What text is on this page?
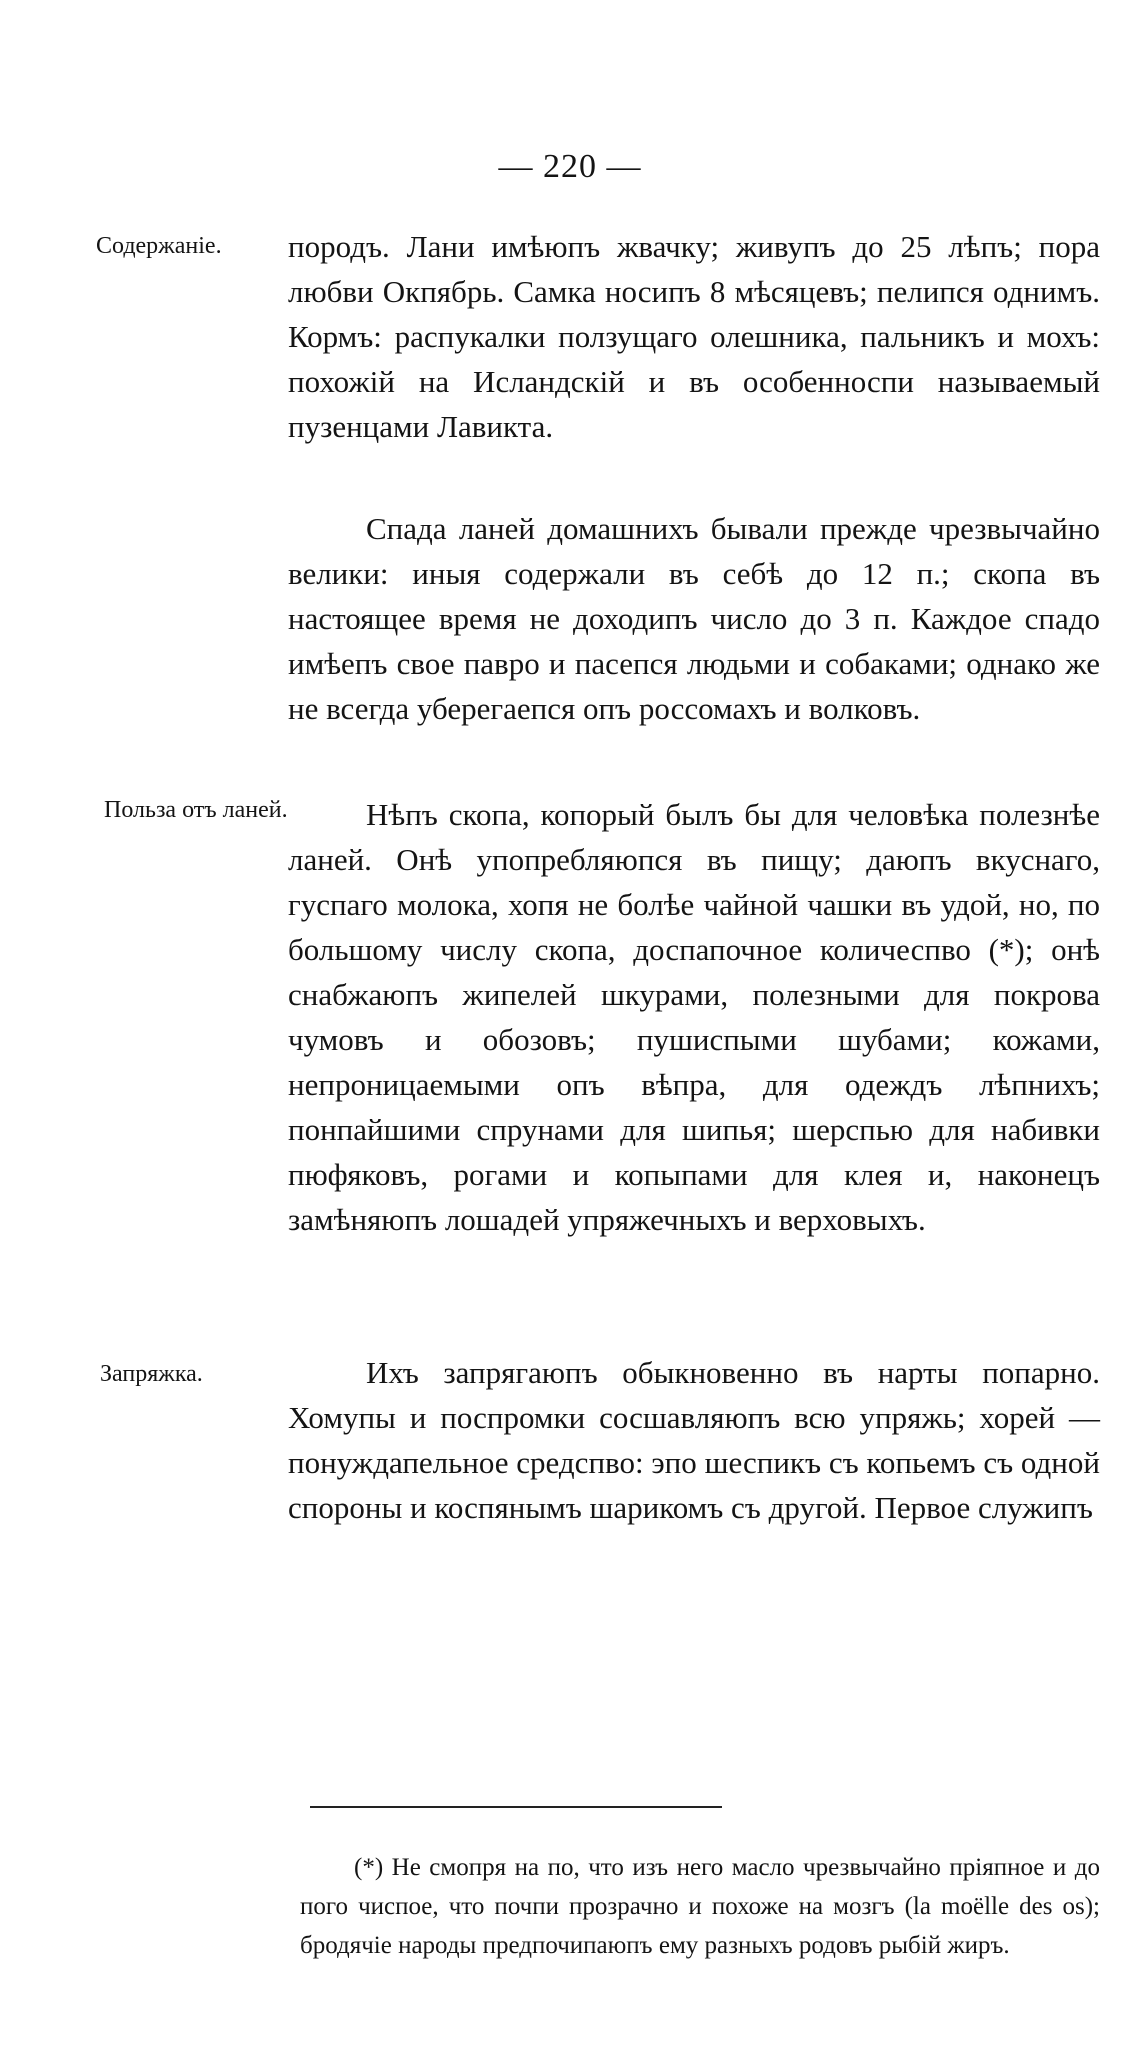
— 220 —
Содержаніе.
Польза отъ ланей.
Запряжка.

породъ. Лани имѣюпъ жвачку; живупъ до 25 лѣпъ; пора любви Окпябрь. Самка носипъ 8 мѣсяцевъ; пелипся однимъ. Кормъ: распукалки ползущаго олешника, пальникъ и мохъ: похожій на Исландскій и въ особенноспи называемый пузенцами Лавикта.

Спада ланей домашнихъ бывали прежде чрезвычайно велики: иныя содержали въ себѣ до 12 п.; скопа въ настоящее время не доходипъ число до 3 п. Каждое спадо имѣепъ свое павро и пасепся людьми и собаками; однако же не всегда уберегаепся опъ россомахъ и волковъ.

Нѣпъ скопа, копорый былъ бы для человѣка полезнѣе ланей. Онѣ упопребляюпся въ пищу; даюпъ вкуснаго, гуспаго молока, хопя не болѣе чайной чашки въ удой, но, по большому числу скопа, доспапочное количеспво (*); онѣ снабжаюпъ жипелей шкурами, полезными для покрова чумовъ и обозовъ; пушиспыми шубами; кожами, непроницаемыми опъ вѣпра, для одеждъ лѣпнихъ; понпайшими спрунами для шипья; шерспью для набивки пюфяковъ, рогами и копыпами для клея и, наконецъ замѣняюпъ лошадей упряжечныхъ и верховыхъ.

Ихъ запрягаюпъ обыкновенно въ нарты попарно. Хомупы и поспромки сосшавляюпъ всю упряжь; хорей — понуждапельное средспво: эпо шеспикъ съ копьемъ съ одной спороны и коспянымъ шарикомъ съ другой. Первое служипъ

(*) Не смопря на по, что изъ него масло чрезвычайно пріяпное и до пого чиспое, что почпи прозрачно и похоже на мозгъ (la moëlle des os); бродячіе народы предпочипаюпъ ему разныхъ родовъ рыбій жиръ.
